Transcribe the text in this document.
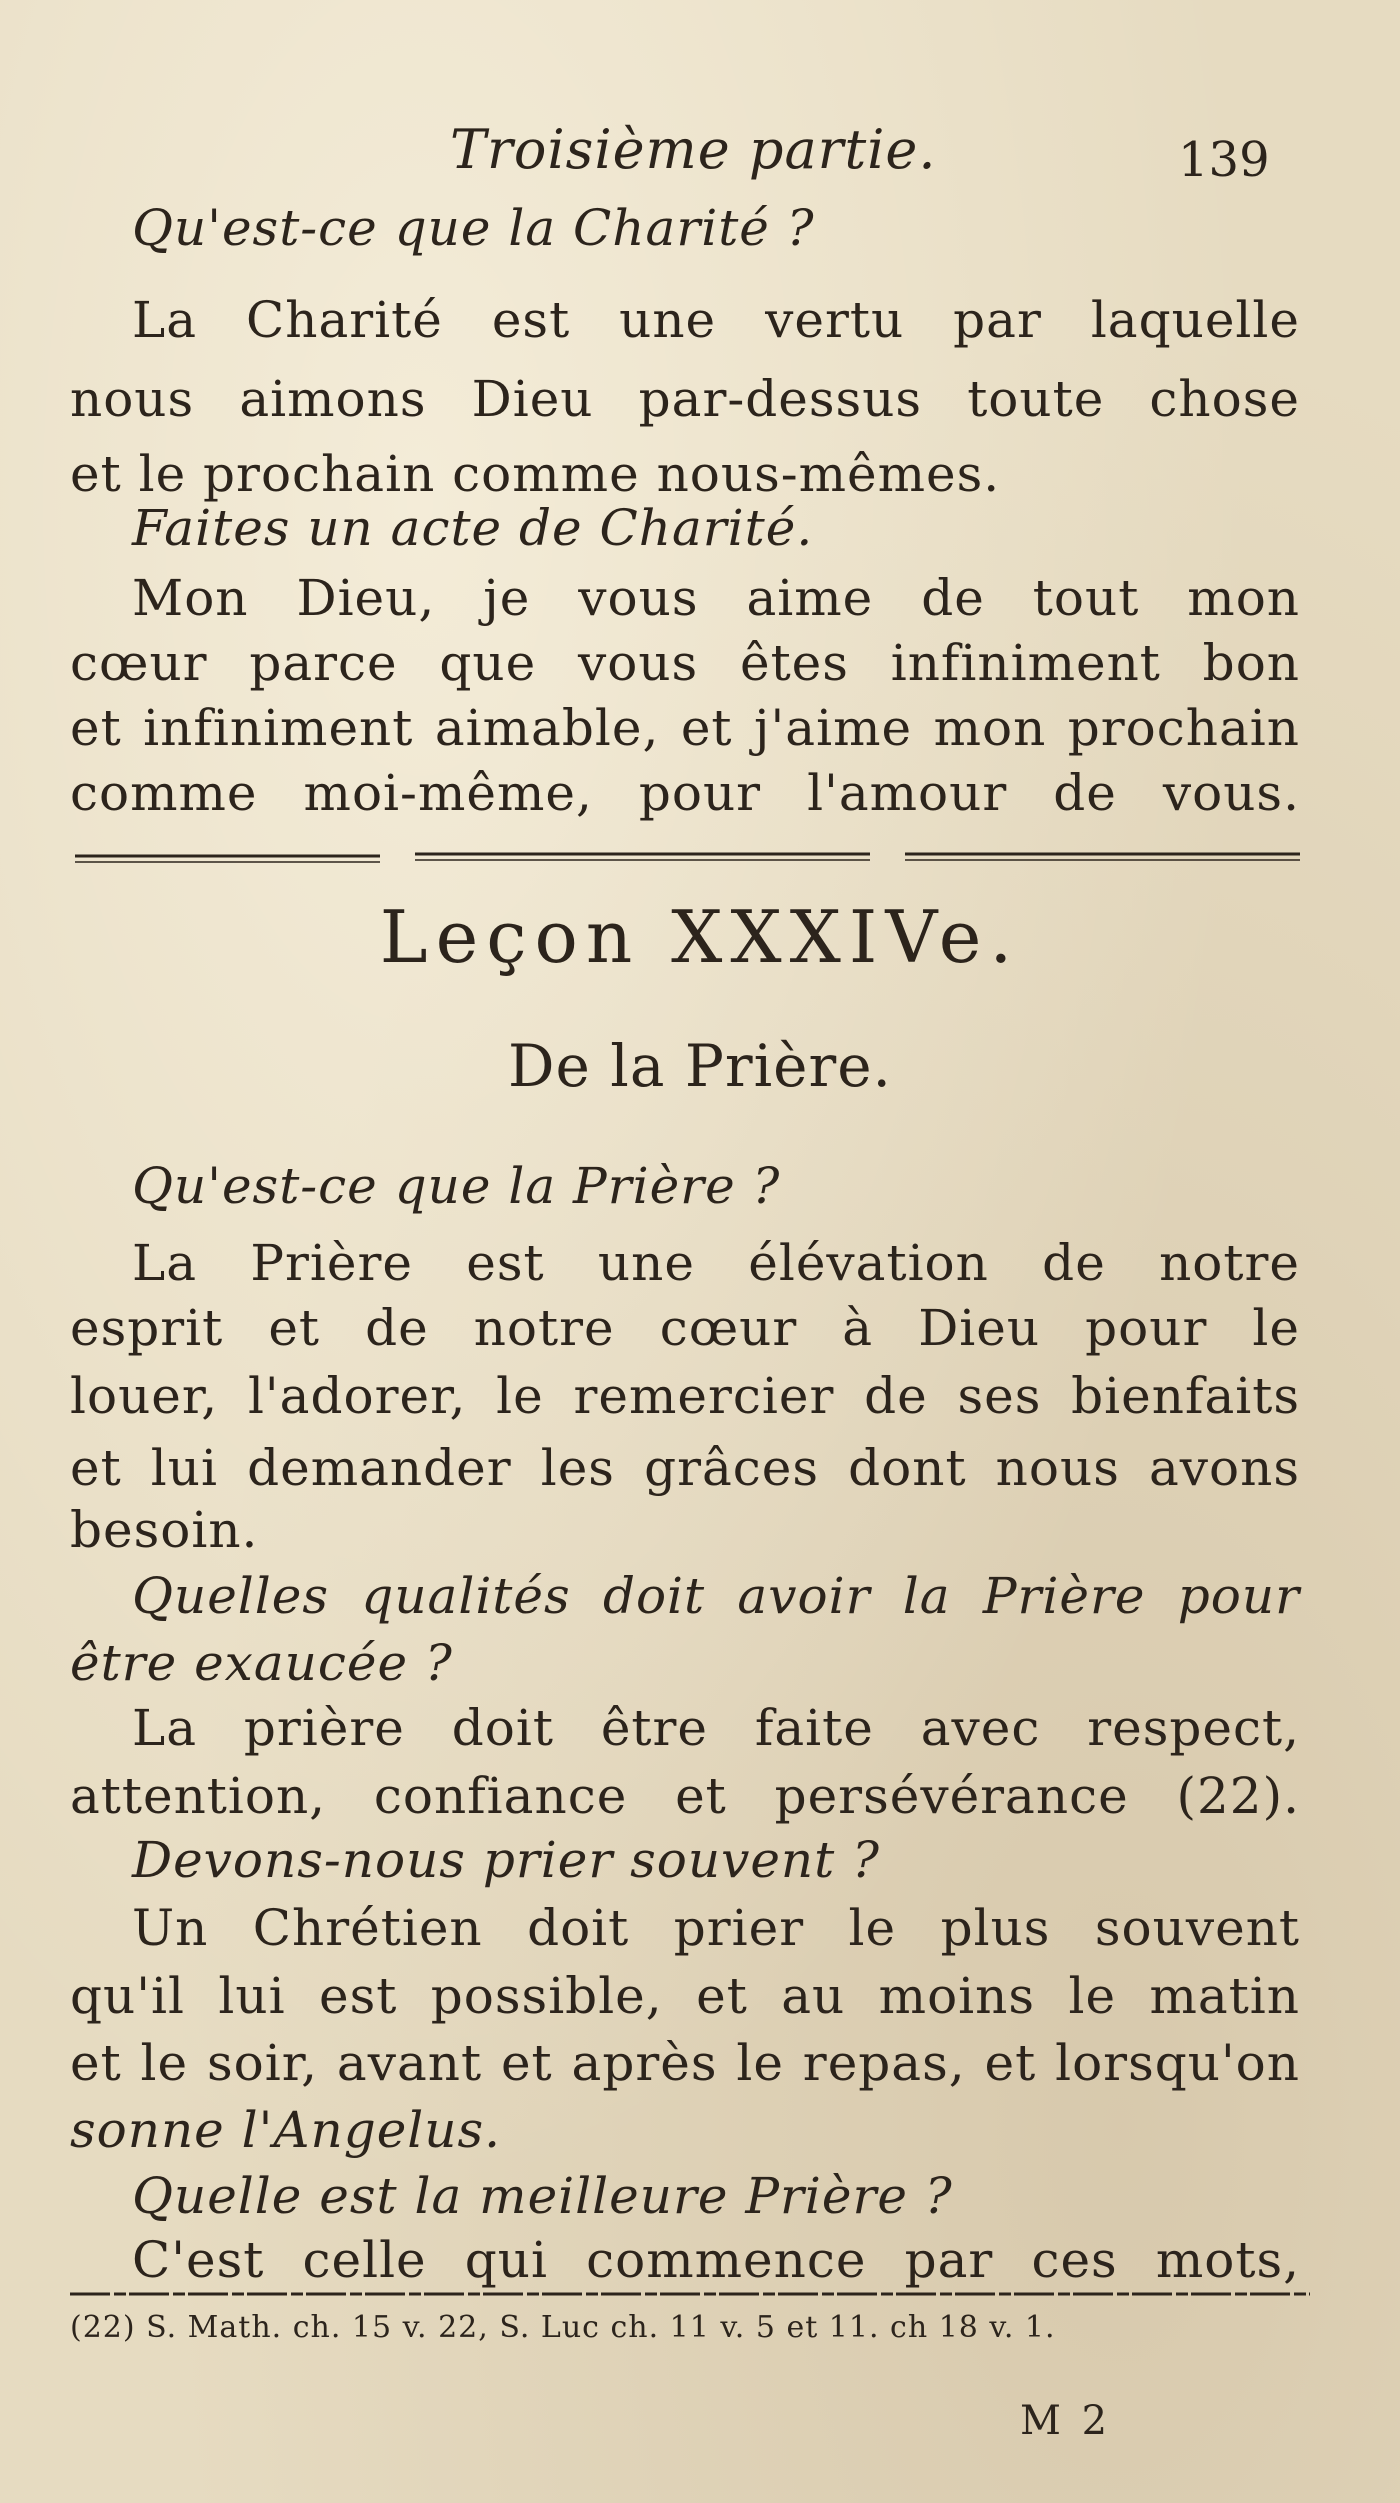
Troisième partie.	139
Qu'est-ce que la Charité ?
La Charité est une vertu par laquelle
nous aimons Dieu par-dessus toute chose
et le prochain comme nous-mêmes.
Faites un acte de Charité.
Mon Dieu, je vous aime de tout mon
cœur parce que vous êtes infiniment bon
et infiniment aimable, et j'aime mon prochain
comme moi-même, pour l'amour de vous.
Leçon XXXIVe.
De la Prière.
Qu'est-ce que la Prière ?
La Prière est une élévation de notre
esprit et de notre cœur à Dieu pour le
louer, l'adorer, le remercier de ses bienfaits
et lui demander les grâces dont nous avons
besoin.
Quelles qualités doit avoir la Prière pour
être exaucée ?
La prière doit être faite avec respect,
attention, confiance et persévérance (22).
Devons-nous prier souvent ?
Un Chrétien doit prier le plus souvent
qu'il lui est possible, et au moins le matin
et le soir, avant et après le repas, et lorsqu'on
sonne l'Angelus.
Quelle est la meilleure Prière ?
C'est celle qui commence par ces mots,
(22) S. Math. ch. 15 v. 22, S. Luc ch. 11 v. 5 et 11. ch 18 v. 1.
M 2
